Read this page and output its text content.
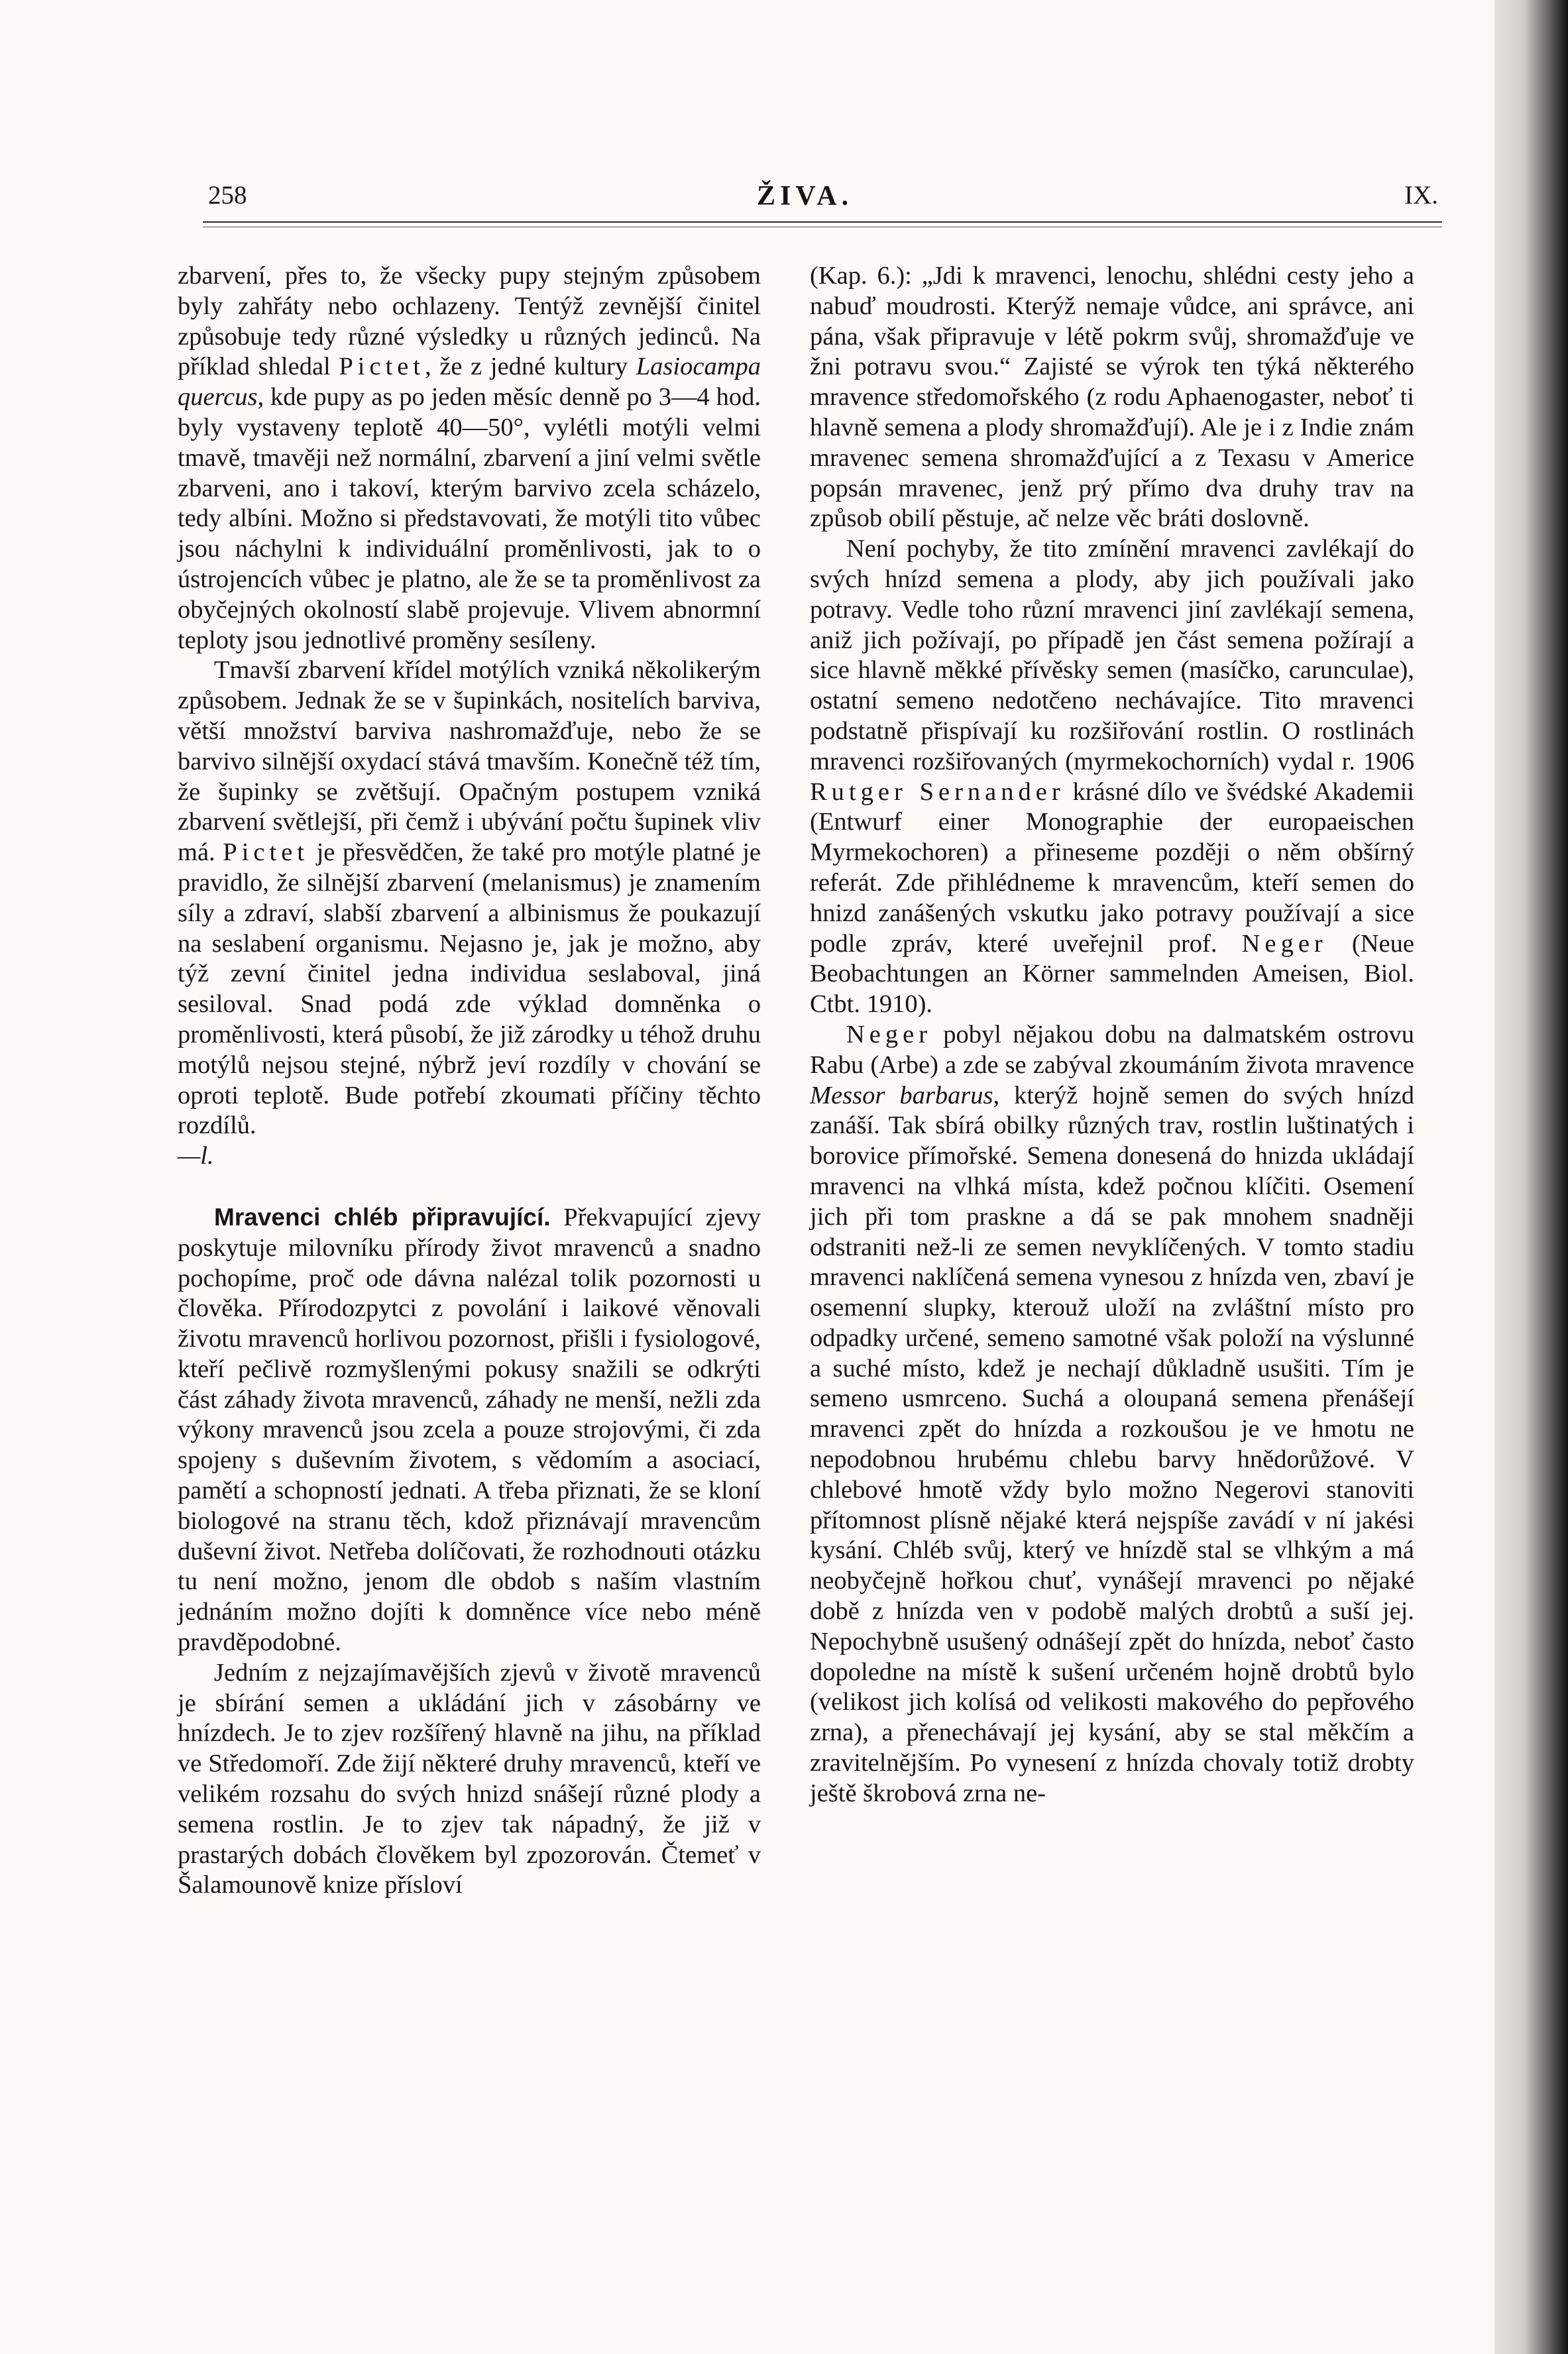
258	ŽIVA.	IX.

zbarvení, přes to, že všecky pupy stejným způsobem byly zahřáty nebo ochlazeny. Tentýž zevnější činitel způsobuje tedy různé výsledky u různých jedinců. Na příklad shledal Pictet, že z jedné kultury Lasiocampa quercus, kde pupy as po jeden měsíc denně po 3—4 hod. byly vystaveny teplotě 40—50°, vylétli motýli velmi tmavě, tmavěji než normální, zbarvení a jiní velmi světle zbarveni, ano i takoví, kterým barvivo zcela scházelo, tedy albíni. Možno si představovati, že motýli tito vůbec jsou náchylni k individuální proměnlivosti, jak to o ústrojencích vůbec je platno, ale že se ta proměnlivost za obyčejných okolností slabě projevuje. Vlivem abnormní teploty jsou jednotlivé proměny sesíleny.

Tmavší zbarvení křídel motýlích vzniká několikerým způsobem. Jednak že se v šupinkách, nositelích barviva, větší množství barviva nashromažďuje, nebo že se barvivo silnější oxydací stává tmavším. Konečně též tím, že šupinky se zvětšují. Opačným postupem vzniká zbarvení světlejší, při čemž i ubývání počtu šupinek vliv má. Pictet je přesvědčen, že také pro motýle platné je pravidlo, že silnější zbarvení (melanismus) je znamením síly a zdraví, slabší zbarvení a albinismus že poukazují na seslabení organismu. Nejasno je, jak je možno, aby týž zevní činitel jedna individua seslaboval, jiná sesiloval. Snad podá zde výklad domněnka o proměnlivosti, která působí, že již zárodky u téhož druhu motýlů nejsou stejné, nýbrž jeví rozdíly v chování se oproti teplotě. Bude potřebí zkoumati příčiny těchto rozdílů.

—l.

Mravenci chléb připravující. Překvapující zjevy poskytuje milovníku přírody život mravenců a snadno pochopíme, proč ode dávna nalézal tolik pozornosti u člověka. Přírodozpytci z povolání i laikové věnovali životu mravenců horlivou pozornost, přišli i fysiologové, kteří pečlivě rozmyšlenými pokusy snažili se odkrýti část záhady života mravenců, záhady ne menší, nežli zda výkony mravenců jsou zcela a pouze strojovými, či zda spojeny s duševním životem, s vědomím a asociací, pamětí a schopností jednati. A třeba přiznati, že se kloní biologové na stranu těch, kdož přiznávají mravencům duševní život. Netřeba dolíčovati, že rozhodnouti otázku tu není možno, jenom dle obdob s naším vlastním jednáním možno dojíti k domněnce více nebo méně pravděpodobné.

Jedním z nejzajímavějších zjevů v životě mravenců je sbírání semen a ukládání jich v zásobárny ve hnízdech. Je to zjev rozšířený hlavně na jihu, na příklad ve Středomoří. Zde žijí některé druhy mravenců, kteří ve velikém rozsahu do svých hnizd snášejí různé plody a semena rostlin. Je to zjev tak nápadný, že již v prastarých dobách člověkem byl zpozorován. Čtemeť v Šalamounově knize přísloví

(Kap. 6.): „Jdi k mravenci, lenochu, shlédni cesty jeho a nabuď moudrosti. Kterýž nemaje vůdce, ani správce, ani pána, však připravuje v létě pokrm svůj, shromažďuje ve žni potravu svou.“ Zajisté se výrok ten týká některého mravence středomořského (z rodu Aphaenogaster, neboť ti hlavně semena a plody shromažďují). Ale je i z Indie znám mravenec semena shromažďující a z Texasu v Americe popsán mravenec, jenž prý přímo dva druhy trav na způsob obilí pěstuje, ač nelze věc bráti doslovně.

Není pochyby, že tito zmínění mravenci zavlékají do svých hnízd semena a plody, aby jich používali jako potravy. Vedle toho různí mravenci jiní zavlékají semena, aniž jich požívají, po případě jen část semena požírají a sice hlavně měkké přívěsky semen (masíčko, carunculae), ostatní semeno nedotčeno nechávajíce. Tito mravenci podstatně přispívají ku rozšiřování rostlin. O rostlinách mravenci rozšiřovaných (myrmekochorních) vydal r. 1906 Rutger Sernander krásné dílo ve švédské Akademii (Entwurf einer Monographie der europaeischen Myrmekochoren) a přineseme později o něm obšírný referát. Zde přihlédneme k mravencům, kteří semen do hnizd zanášených vskutku jako potravy používají a sice podle zpráv, které uveřejnil prof. Neger (Neue Beobachtungen an Körner sammelnden Ameisen, Biol. Ctbt. 1910).

Neger pobyl nějakou dobu na dalmatském ostrovu Rabu (Arbe) a zde se zabýval zkoumáním života mravence Messor barbarus, kterýž hojně semen do svých hnízd zanáší. Tak sbírá obilky různých trav, rostlin luštinatých i borovice přímořské. Semena donesená do hnizda ukládají mravenci na vlhká místa, kdež počnou klíčiti. Osemení jich při tom praskne a dá se pak mnohem snadněji odstraniti než-li ze semen nevyklíčených. V tomto stadiu mravenci naklíčená semena vynesou z hnízda ven, zbaví je osemenní slupky, kterouž uloží na zvláštní místo pro odpadky určené, semeno samotné však položí na výslunné a suché místo, kdež je nechají důkladně usušiti. Tím je semeno usmrceno. Suchá a oloupaná semena přenášejí mravenci zpět do hnízda a rozkoušou je ve hmotu ne nepodobnou hrubému chlebu barvy hnědorůžové. V chlebové hmotě vždy bylo možno Negerovi stanoviti přítomnost plísně nějaké která nejspíše zavádí v ní jakési kysání. Chléb svůj, který ve hnízdě stal se vlhkým a má neobyčejně hořkou chuť, vynášejí mravenci po nějaké době z hnízda ven v podobě malých drobtů a suší jej. Nepochybně usušený odnášejí zpět do hnízda, neboť často dopoledne na místě k sušení určeném hojně drobtů bylo (velikost jich kolísá od velikosti makového do pepřového zrna), a přenechávají jej kysání, aby se stal měkčím a zravitelnějším. Po vynesení z hnízda chovaly totiž drobty ještě škrobová zrna ne-
